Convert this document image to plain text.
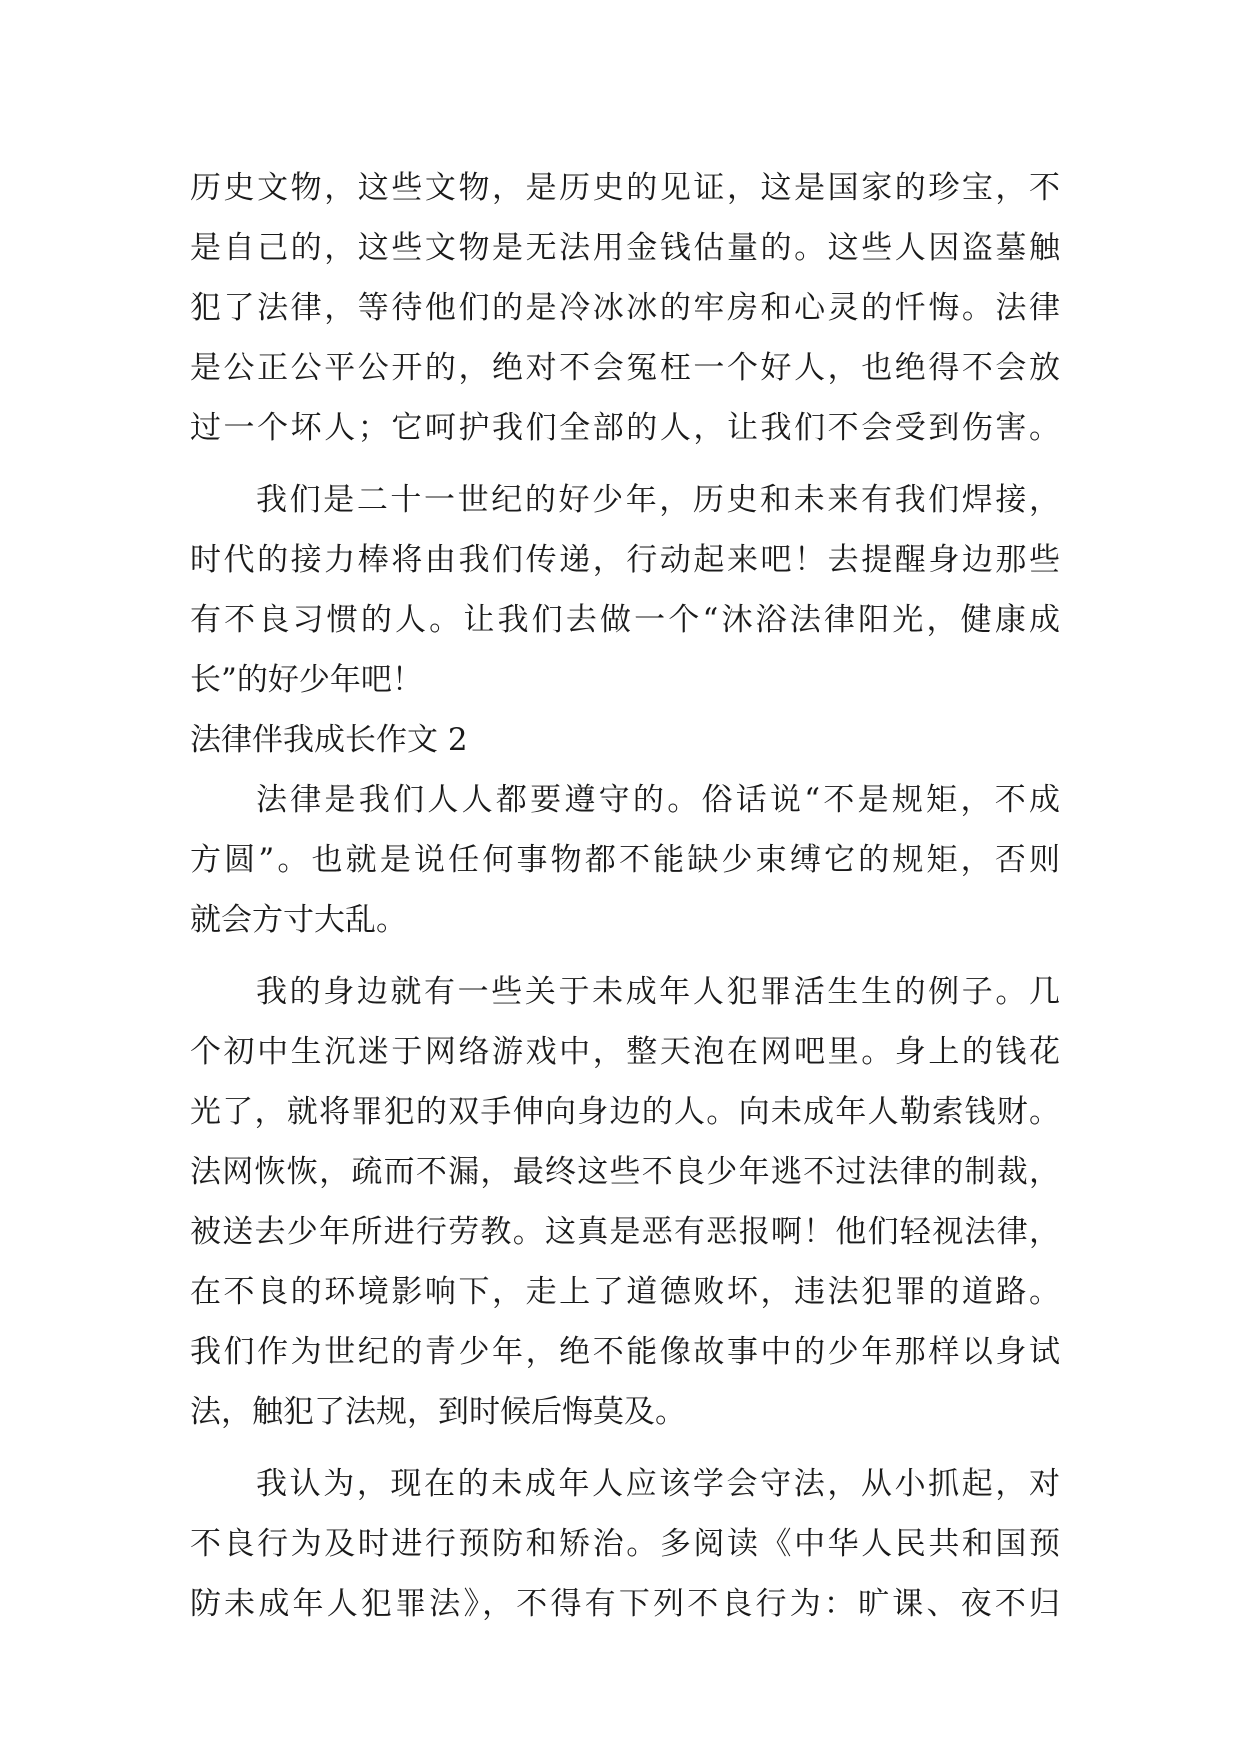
历史文物，这些文物，是历史的见证，这是国家的珍宝，不
是自己的，这些文物是无法用金钱估量的。这些人因盗墓触
犯了法律，等待他们的是冷冰冰的牢房和心灵的忏悔。法律
是公正公平公开的，绝对不会冤枉一个好人，也绝得不会放
过一个坏人；它呵护我们全部的人，让我们不会受到伤害。
我们是二十一世纪的好少年，历史和未来有我们焊接，
时代的接力棒将由我们传递，行动起来吧！去提醒身边那些
有不良习惯的人。让我们去做一个“沐浴法律阳光，健康成
长”的好少年吧！
法律伴我成长作文 2
法律是我们人人都要遵守的。俗话说“不是规矩，不成
方圆”。也就是说任何事物都不能缺少束缚它的规矩，否则
就会方寸大乱。
我的身边就有一些关于未成年人犯罪活生生的例子。几
个初中生沉迷于网络游戏中，整天泡在网吧里。身上的钱花
光了，就将罪犯的双手伸向身边的人。向未成年人勒索钱财。
法网恢恢，疏而不漏，最终这些不良少年逃不过法律的制裁，
被送去少年所进行劳教。这真是恶有恶报啊！他们轻视法律，
在不良的环境影响下，走上了道德败坏，违法犯罪的道路。
我们作为世纪的青少年，绝不能像故事中的少年那样以身试
法，触犯了法规，到时候后悔莫及。
我认为，现在的未成年人应该学会守法，从小抓起，对
不良行为及时进行预防和矫治。多阅读《中华人民共和国预
防未成年人犯罪法》，不得有下列不良行为：旷课、夜不归
